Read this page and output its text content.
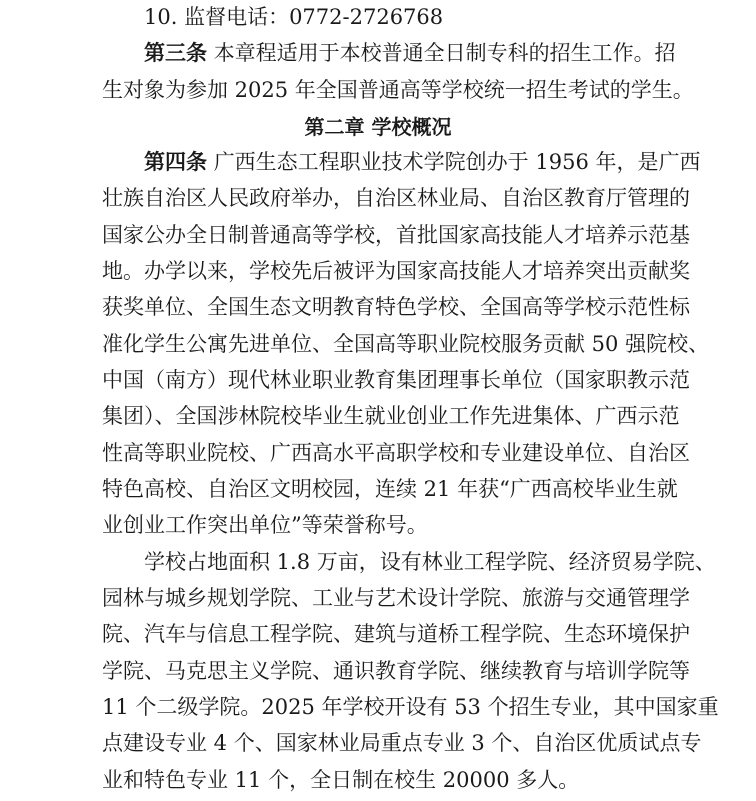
10. 监督电话：0772-2726768
第三条 本章程适用于本校普通全日制专科的招生工作。招
生对象为参加 2025 年全国普通高等学校统一招生考试的学生。
第二章 学校概况
第四条 广西生态工程职业技术学院创办于 1956 年，是广西
壮族自治区人民政府举办，自治区林业局、自治区教育厅管理的
国家公办全日制普通高等学校，首批国家高技能人才培养示范基
地。办学以来，学校先后被评为国家高技能人才培养突出贡献奖
获奖单位、全国生态文明教育特色学校、全国高等学校示范性标
准化学生公寓先进单位、全国高等职业院校服务贡献 50 强院校、
中国（南方）现代林业职业教育集团理事长单位（国家职教示范
集团）、全国涉林院校毕业生就业创业工作先进集体、广西示范
性高等职业院校、广西高水平高职学校和专业建设单位、自治区
特色高校、自治区文明校园，连续 21 年获“广西高校毕业生就
业创业工作突出单位”等荣誉称号。
学校占地面积 1.8 万亩，设有林业工程学院、经济贸易学院、
园林与城乡规划学院、工业与艺术设计学院、旅游与交通管理学
院、汽车与信息工程学院、建筑与道桥工程学院、生态环境保护
学院、马克思主义学院、通识教育学院、继续教育与培训学院等
11 个二级学院。2025 年学校开设有 53 个招生专业，其中国家重
点建设专业 4 个、国家林业局重点专业 3 个、自治区优质试点专
业和特色专业 11 个，全日制在校生 20000 多人。
